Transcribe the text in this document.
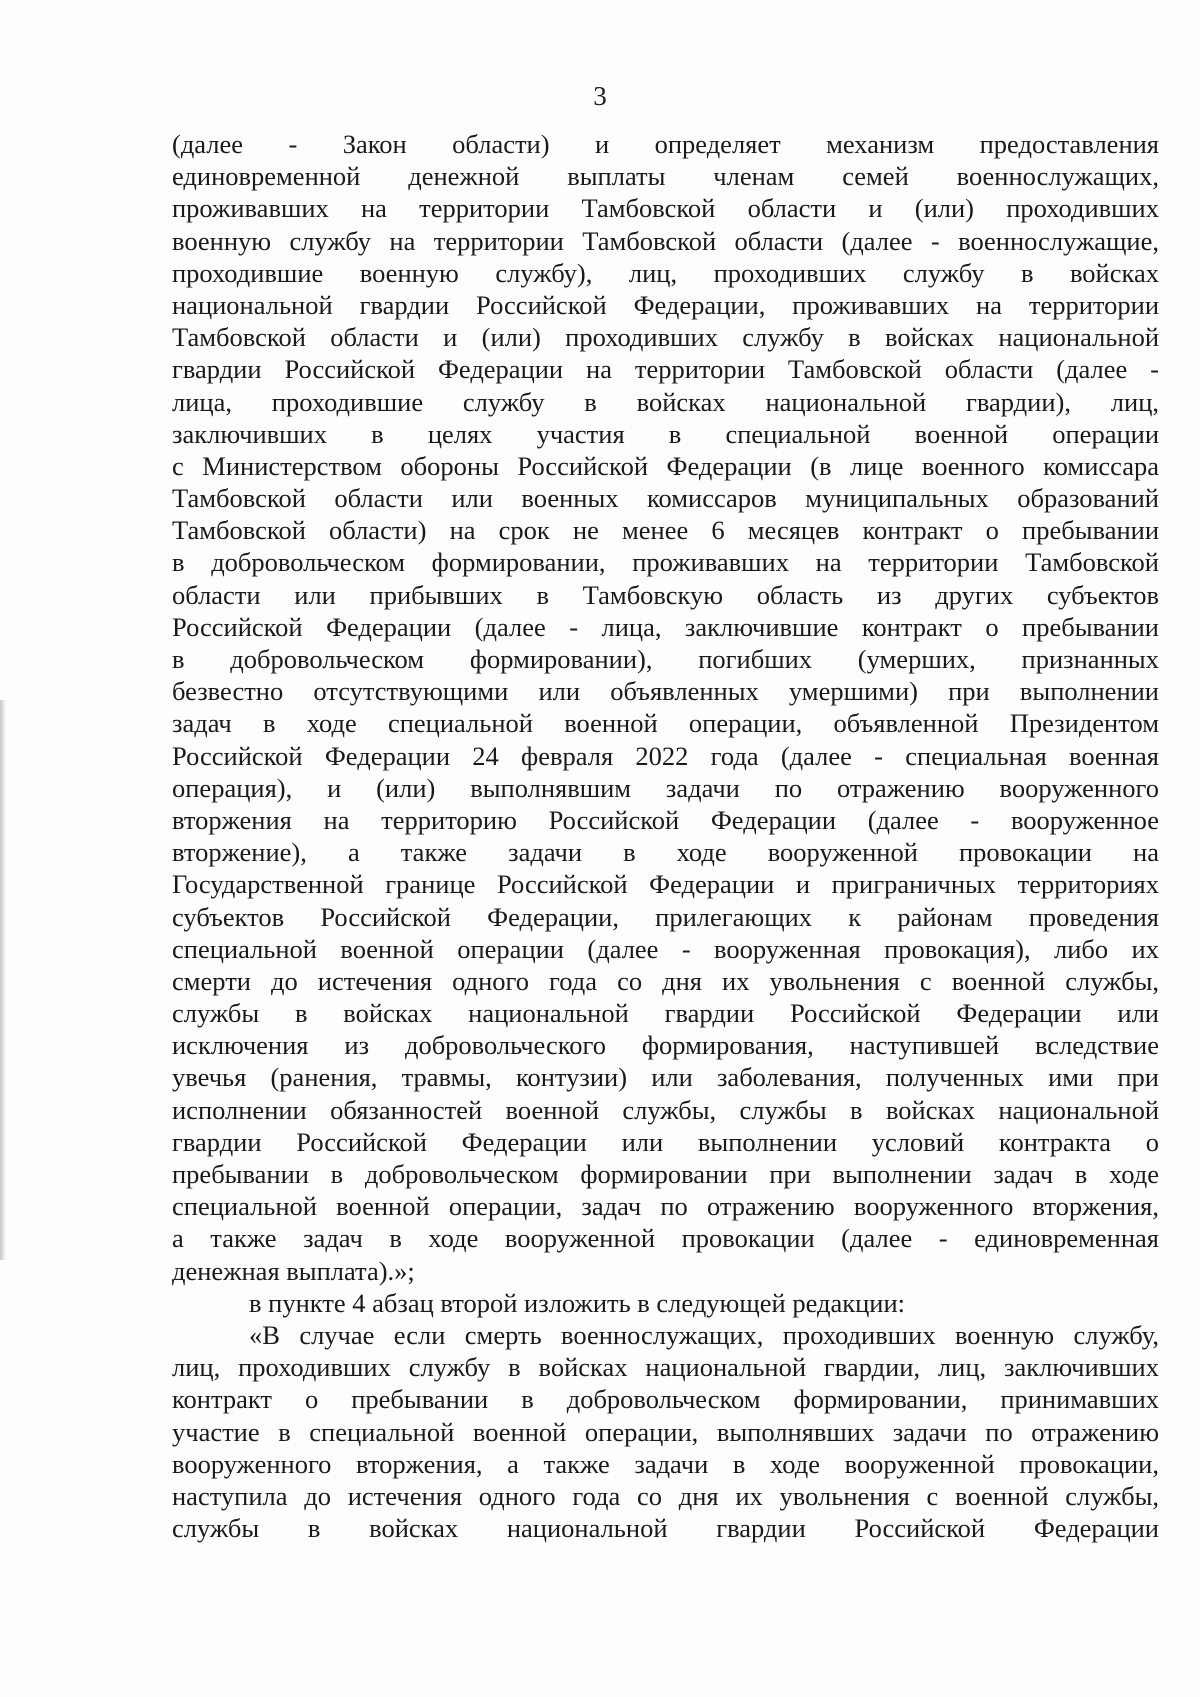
3
(далее - Закон области) и определяет механизм предоставления
единовременной денежной выплаты членам семей военнослужащих,
проживавших на территории Тамбовской области и (или) проходивших
военную службу на территории Тамбовской области (далее - военнослужащие,
проходившие военную службу), лиц, проходивших службу в войсках
национальной гвардии Российской Федерации, проживавших на территории
Тамбовской области и (или) проходивших службу в войсках национальной
гвардии Российской Федерации на территории Тамбовской области (далее -
лица, проходившие службу в войсках национальной гвардии), лиц,
заключивших в целях участия в специальной военной операции
с Министерством обороны Российской Федерации (в лице военного комиссара
Тамбовской области или военных комиссаров муниципальных образований
Тамбовской области) на срок не менее 6 месяцев контракт о пребывании
в добровольческом формировании, проживавших на территории Тамбовской
области или прибывших в Тамбовскую область из других субъектов
Российской Федерации (далее - лица, заключившие контракт о пребывании
в добровольческом формировании), погибших (умерших, признанных
безвестно отсутствующими или объявленных умершими) при выполнении
задач в ходе специальной военной операции, объявленной Президентом
Российской Федерации 24 февраля 2022 года (далее - специальная военная
операция), и (или) выполнявшим задачи по отражению вооруженного
вторжения на территорию Российской Федерации (далее - вооруженное
вторжение), а также задачи в ходе вооруженной провокации на
Государственной границе Российской Федерации и приграничных территориях
субъектов Российской Федерации, прилегающих к районам проведения
специальной военной операции (далее - вооруженная провокация), либо их
смерти до истечения одного года со дня их увольнения с военной службы,
службы в войсках национальной гвардии Российской Федерации или
исключения из добровольческого формирования, наступившей вследствие
увечья (ранения, травмы, контузии) или заболевания, полученных ими при
исполнении обязанностей военной службы, службы в войсках национальной
гвардии Российской Федерации или выполнении условий контракта о
пребывании в добровольческом формировании при выполнении задач в ходе
специальной военной операции, задач по отражению вооруженного вторжения,
а также задач в ходе вооруженной провокации (далее - единовременная
денежная выплата).»;
в пункте 4 абзац второй изложить в следующей редакции:
«В случае если смерть военнослужащих, проходивших военную службу,
лиц, проходивших службу в войсках национальной гвардии, лиц, заключивших
контракт о пребывании в добровольческом формировании, принимавших
участие в специальной военной операции, выполнявших задачи по отражению
вооруженного вторжения, а также задачи в ходе вооруженной провокации,
наступила до истечения одного года со дня их увольнения с военной службы,
службы в войсках национальной гвардии Российской Федерации
